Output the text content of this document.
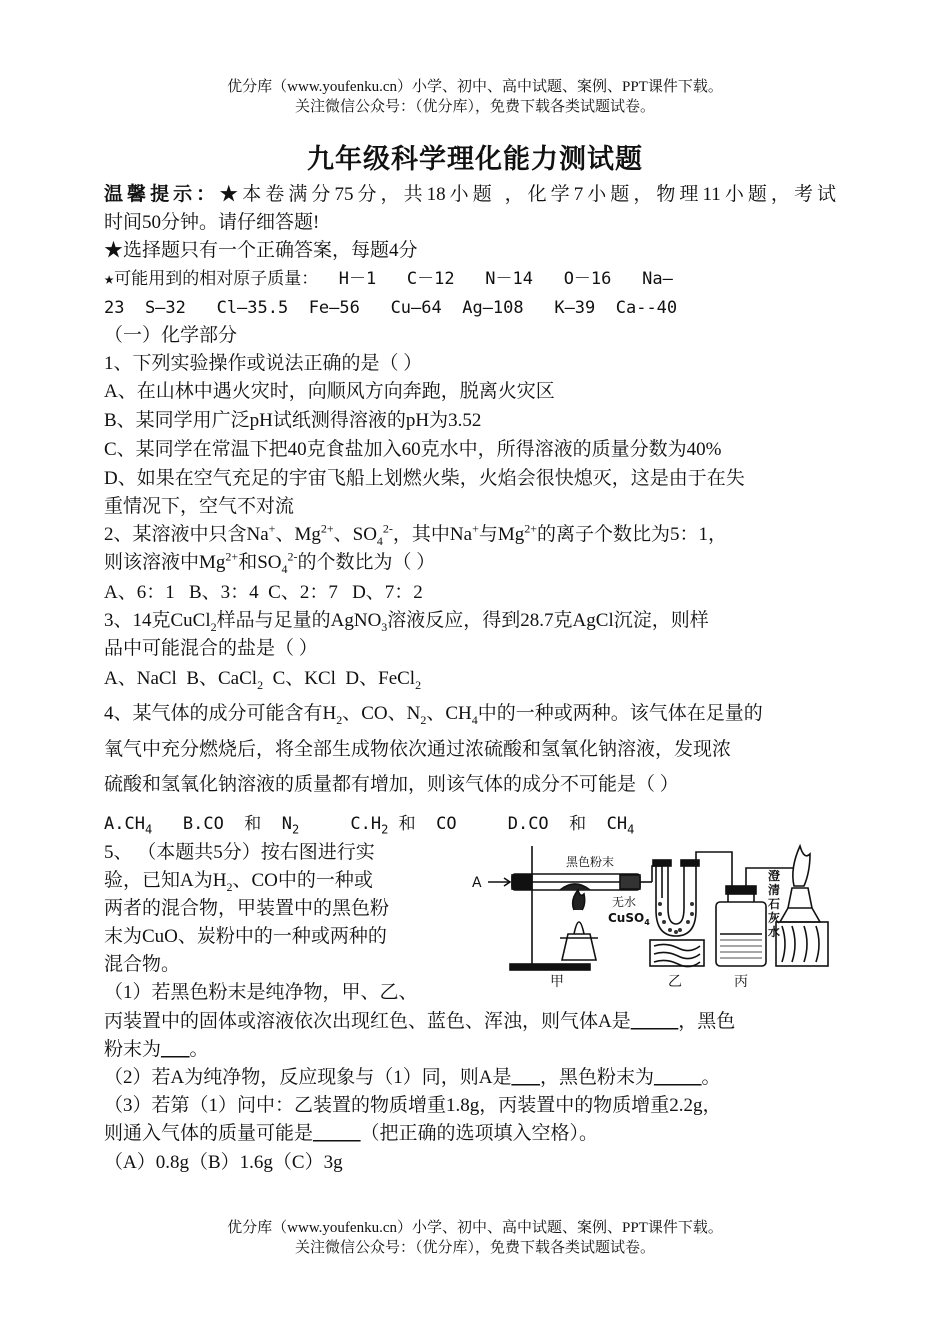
优分库（www.youfenku.cn）小学、初中、高中试题、案例、PPT课件下载。
关注微信公众号：（优分库），免费下载各类试题试卷。
九年级科学理化能力测试题
温馨提示：★本卷满分75分，共18小题 ，化学7小题，物理11小题，考试
时间50分钟。请仔细答题!
★选择题只有一个正确答案，每题4分
★可能用到的相对原子质量：  H－1   C－12   N－14   O－16   Na—
23  S—32   Cl—35.5  Fe—56   Cu—64  Ag—108   K—39  Ca--40
（一）化学部分
1、下列实验操作或说法正确的是（ ）
A、在山林中遇火灾时，向顺风方向奔跑，脱离火灾区
B、某同学用广泛pH试纸测得溶液的pH为3.52
C、某同学在常温下把40克食盐加入60克水中，所得溶液的质量分数为40%
D、如果在空气充足的宇宙飞船上划燃火柴，火焰会很快熄灭，这是由于在失
重情况下，空气不对流
2、某溶液中只含Na+、$Mg^{2+}$、$SO_4^{2-}$，其中Na+与$Mg^{2+}$的离子个数比为5：1，
则该溶液中$Mg^{2+}$和$SO_4^{2-}$的个数比为（ ）
A、6：1   B、3：4  C、2：7   D、7：2
3、14克CuCl$_2$样品与足量的AgNO$_3$溶液反应，得到28.7克AgCl沉淀，则样
品中可能混合的盐是（ ）
A、NaCl  B、CaCl$_2$  C、KCl  D、FeCl$_2$
4、某气体的成分可能含有$H_2$、CO、$N_2$、$CH_4$中的一种或两种。该气体在足量的
氧气中充分燃烧后，将全部生成物依次通过浓硫酸和氢氧化钠溶液，发现浓
硫酸和氢氧化钠溶液的质量都有增加，则该气体的成分不可能是（ ）
$A.CH_4$   B.CO  和  $N_2$     $C.H_2$ 和  CO     D.CO  和  $CH_4$
5、 （本题共5分）按右图进行实
验，已知A为$H_2$、CO中的一种或
两者的混合物，甲装置中的黑色粉
末为CuO、炭粉中的一种或两种的
混合物。
（1）若黑色粉末是纯净物，甲、乙、
丙装置中的固体或溶液依次出现红色、蓝色、浑浊，则气体A是_____，黑色
粉末为___。
（2）若A为纯净物，反应现象与（1）同，则A是___，黑色粉末为_____。
（3）若第（1）问中：乙装置的物质增重1.8g，丙装置中的物质增重2.2g，
则通入气体的质量可能是_____（把正确的选项填入空格）。
（A）0.8g（B）1.6g（C）3g
A
黑色粉末
无水
CuSO$_4$
澄
清
石
灰
水
甲	乙	丙
优分库（www.youfenku.cn）小学、初中、高中试题、案例、PPT课件下载。
关注微信公众号：（优分库），免费下载各类试题试卷。
